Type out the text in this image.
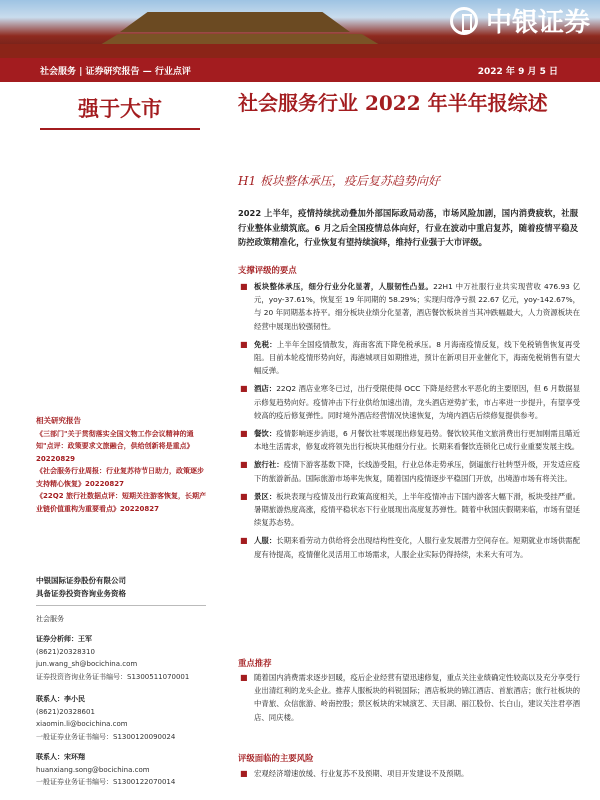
中银证券
社会服务 | 证券研究报告 — 行业点评	2022 年 9 月 5 日
强于大市	社会服务行业 2022 年半年报综述
H1 板块整体承压，疫后复苏趋势向好
2022 上半年，疫情持续扰动叠加外部国际政局动荡，市场风险加剧，国内消费疲软，社服行业整体业绩筑底。6 月之后全国疫情总体向好，行业在波动中重启复苏，随着疫情平稳及防控政策精准化，行业恢复有望持续演绎，维持行业强于大市评级。
支撑评级的要点
■ 板块整体承压，细分行业分化显著，人服韧性凸显。22H1 中万社服行业共实现营收 476.93 亿元，yoy-37.61%，恢复至 19 年同期的 58.29%；实现归母净亏损 22.67 亿元，yoy-142.67%，与 20 年同期基本持平。细分板块业绩分化显著，酒店餐饮板块首当其冲跌幅最大，人力资源板块在经营中展现出较强韧性。
■ 免税：上半年全国疫情散发，海南客流下降免税承压。8 月海南疫情反复，线下免税销售恢复再受阻。目前本轮疫情形势向好，海港城项目如期推进，预计在新项目开业催化下，海南免税销售有望大幅反弹。
■ 酒店：22Q2 酒店业寒冬已过，出行受限使得 OCC 下降是经营水平恶化的主要原因，但 6 月数据显示修复趋势向好。疫情冲击下行业供给加速出清，龙头酒店逆势扩张，市占率进一步提升，有望享受较高的疫后修复弹性。同时境外酒店经营情况快速恢复，为境内酒店后续修复提供参考。
■ 餐饮：疫情影响逐步消退，6 月餐饮社零展现出修复趋势。餐饮较其他文旅消费出行更加刚需且瞄近本地生活需求，修复或将领先出行板块其他细分行业。长期来看餐饮连锁化已成行业重要发展主线。
■ 旅行社：疫情下游客基数下降，长线游受阻，行业总体走势承压，倒逼旅行社转型升级，开发适应疫下的旅游新品。国际旅游市场率先恢复，随着国内疫情逐步平稳国门开放，出境游市场有将关注。
■ 景区：板块表现与疫情及出行政策高度相关，上半年疫情冲击下国内游客大幅下滑，板块受挂严重。暑期旅游热度高涨，疫情平稳状态下行业展现出高度复苏弹性。随着中秋国庆假期来临，市场有望延续复苏态势。
■ 人服：长期来看劳动力供给将会出现结构性变化，人服行业发展潜力空间存在。短期就业市场供需配度有待提高，疫情催化灵活用工市场需求，人服企业实际仍得持续，未来大有可为。
重点推荐
■ 随着国内消费需求逐步回暖，疫后企业经营有望迅速修复，重点关注业绩确定性较高以及充分享受行业出清红利的龙头企业。推荐人服板块的科锐国际；酒店板块的锦江酒店、首旅酒店；旅行社板块的中青旅、众信旅游、岭南控股；景区板块的宋城演艺、天目湖、丽江股份、长白山，建议关注君亭酒店、同庆楼。
评级面临的主要风险
■ 宏观经济增速放缓、行业复苏不及预期、项目开发建设不及预期。
相关研究报告
《三部门"关于贯彻落实全国文物工作会议精神的通知"点评：政策要求文旅融合，供给创新将是重点》20220829
《社会服务行业周报：行业复苏待节日助力，政策逐步支持精心恢复》20220827
《22Q2 旅行社数据点评：短期关注游客恢复，长期产业链价值重构为重要看点》20220827
中银国际证券股份有限公司
具备证券投资咨询业务资格
社会服务
证券分析师：王军
(8621)20328310
jun.wang_sh@bocichina.com
证券投资咨询业务证书编号：S1300511070001
联系人：李小民
(8621)20328601
xiaomin.li@bocichina.com
一般证券业务证书编号：S1300120090024
联系人：宋环翔
huanxiang.song@bocichina.com
一般证券业务证书编号：S1300122070014
